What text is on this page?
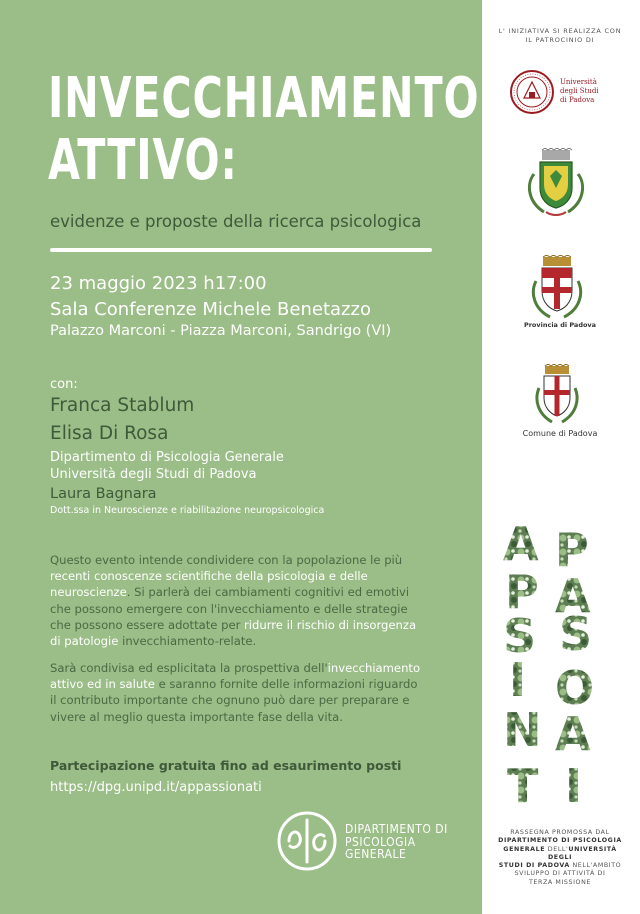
INVECCHIAMENTO
ATTIVO:
evidenze e proposte della ricerca psicologica
23 maggio 2023 h17:00
Sala Conferenze Michele Benetazzo
Palazzo Marconi - Piazza Marconi, Sandrigo (VI)
con:
Franca Stablum
Elisa Di Rosa
Dipartimento di Psicologia Generale
Università degli Studi di Padova
Laura Bagnara
Dott.ssa in Neuroscienze e riabilitazione neuropsicologica

Questo evento intende condividere con la popolazione le più recenti conoscenze scientifiche della psicologia e delle neuroscienze. Si parlerà dei cambiamenti cognitivi ed emotivi che possono emergere con l'invecchiamento e delle strategie che possono essere adottate per ridurre il rischio di insorgenza di patologie invecchiamento-relate.

Sarà condivisa ed esplicitata la prospettiva dell'invecchiamento attivo ed in salute e saranno fornite delle informazioni riguardo il contributo importante che ognuno può dare per preparare e vivere al meglio questa importante fase della vita.

Partecipazione gratuita fino ad esaurimento posti
https://dpg.unipd.it/appassionati
DIPARTIMENTO DI
PSICOLOGIA
GENERALE
L' INIZIATIVA SI REALIZZA CON
IL PATROCINIO DI
Università
degli Studi
di Padova
Provincia di Padova
Comune di Padova
A P
P A
S S
I O
N A
T I
RASSEGNA PROMOSSA DAL
DIPARTIMENTO DI PSICOLOGIA
GENERALE DELL'UNIVERSITÀ DEGLI
STUDI DI PADOVA NELL'AMBITO
SVILUPPO DI ATTIVITÀ DI
TERZA MISSIONE
